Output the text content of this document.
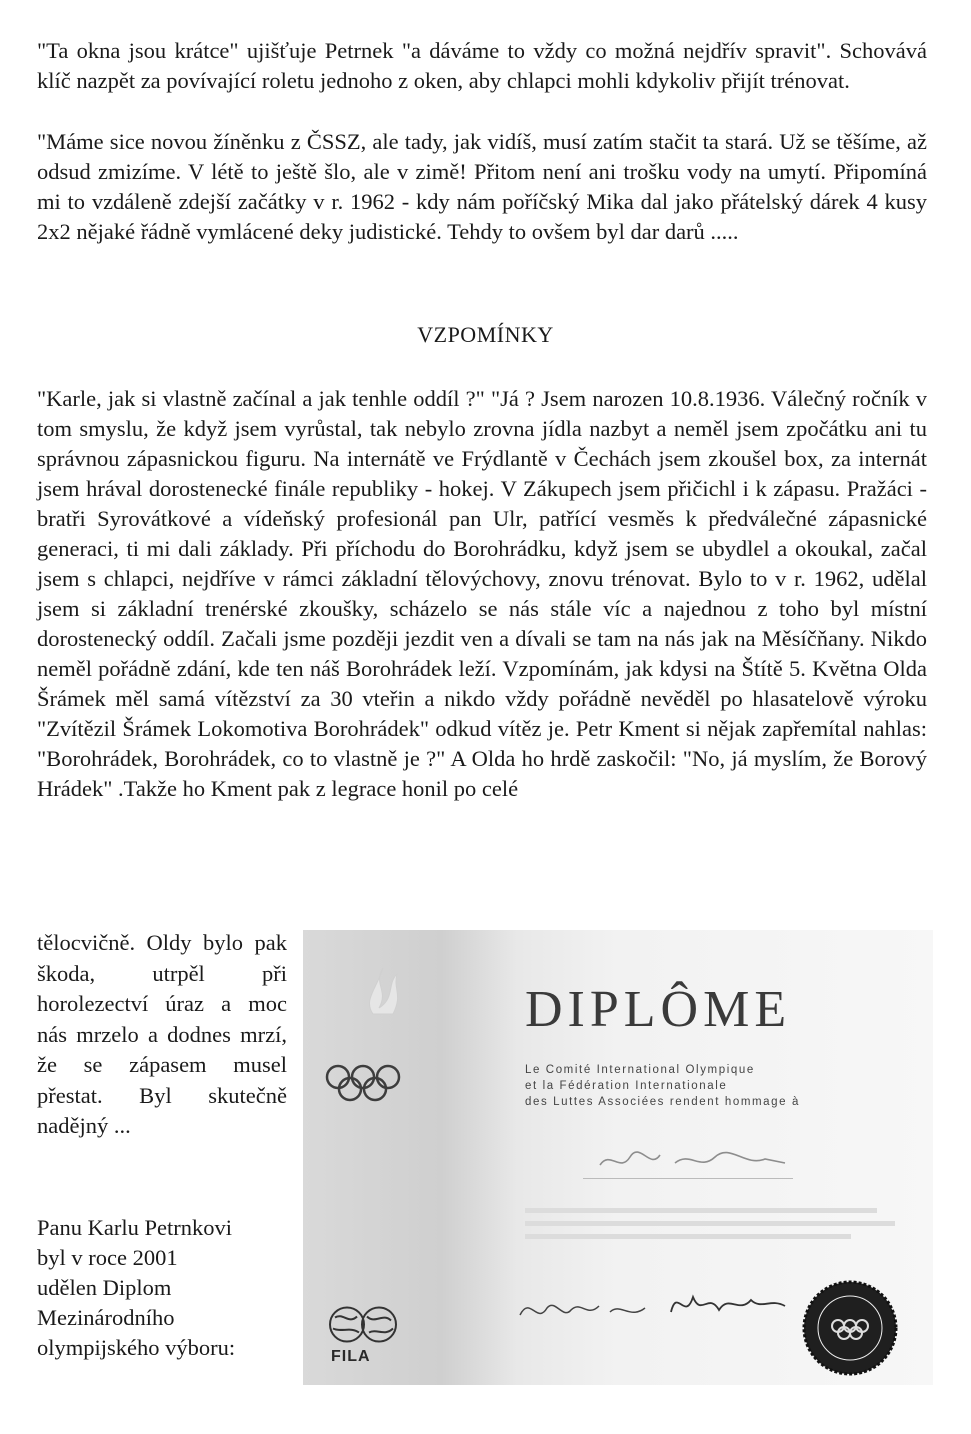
"Ta okna jsou krátce" ujišťuje Petrnek "a dáváme to vždy co možná nejdřív spravit". Schovává klíč nazpět za povívající roletu jednoho z oken, aby chlapci mohli kdykoliv přijít trénovat.

"Máme sice novou žíněnku z ČSSZ, ale tady, jak vidíš, musí zatím stačit ta stará. Už se těšíme, až odsud zmizíme. V létě to ještě šlo, ale v zimě! Přitom není ani trošku vody na umytí. Připomíná mi to vzdáleně zdejší začátky v r. 1962 - kdy nám poříčský Mika dal jako přátelský dárek 4 kusy 2x2 nějaké řádně vymlácené deky judistické. Tehdy to ovšem byl dar darů .....

VZPOMÍNKY

"Karle, jak si vlastně začínal a jak tenhle oddíl ?" "Já ? Jsem narozen 10.8.1936. Válečný ročník v tom smyslu, že když jsem vyrůstal, tak nebylo zrovna jídla nazbyt a neměl jsem zpočátku ani tu správnou zápasnickou figuru. Na internátě ve Frýdlantě v Čechách jsem zkoušel box, za internát jsem hrával dorostenecké finále republiky - hokej. V Zákupech jsem přičichl i k zápasu. Pražáci - bratři Syrovátkové a vídeňský profesionál pan Ulr, patřící vesměs k předválečné zápasnické generaci, ti mi dali základy. Při příchodu do Borohrádku, když jsem se ubydlel a okoukal, začal jsem s chlapci, nejdříve v rámci základní tělovýchovy, znovu trénovat. Bylo to v r. 1962, udělal jsem si základní trenérské zkoušky, scházelo se nás stále víc a najednou z toho byl místní dorostenecký oddíl. Začali jsme později jezdit ven a dívali se tam na nás jak na Měsíčňany. Nikdo neměl pořádně zdání, kde ten náš Borohrádek leží. Vzpomínám, jak kdysi na Štítě 5. Května Olda Šrámek měl samá vítězství za 30 vteřin a nikdo vždy pořádně nevěděl po hlasatelově výroku "Zvítězil Šrámek Lokomotiva Borohrádek" odkud vítěz je. Petr Kment si nějak zapřemítal nahlas: "Borohrádek, Borohrádek, co to vlastně je ?" A Olda ho hrdě zaskočil: "No, já myslím, že Borový Hrádek" .Takže ho Kment pak z legrace honil po celé

tělocvičně. Oldy bylo pak škoda, utrpěl při horolezectví úraz a moc nás mrzelo a dodnes mrzí, že se zápasem musel přestat. Byl skutečně nadějný ...

Panu Karlu Petrnkovi
byl v roce 2001
udělen Diplom
Mezinárodního
olympijského výboru:

DIPLÔME
Le Comité International Olympique
et la Fédération Internationale
des Luttes Associées rendent hommage à
FILA
